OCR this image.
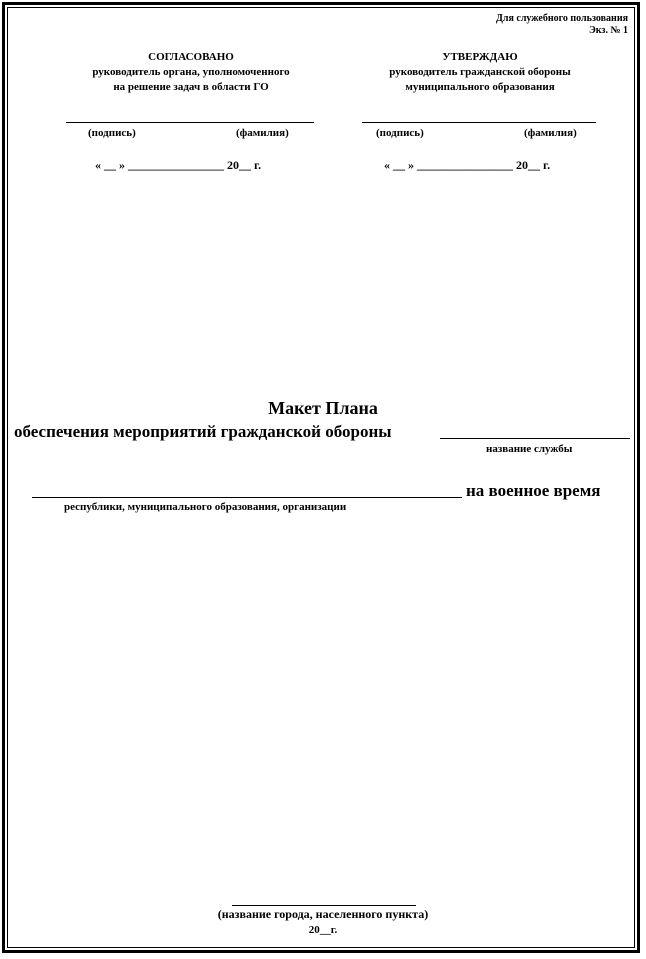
Для служебного пользования
Экз. № 1
СОГЛАСОВАНО
руководитель органа, уполномоченного
на решение задач в области ГО
УТВЕРЖДАЮ
руководитель гражданской обороны
муниципального образования
(подпись)	(фамилия)	(подпись)	(фамилия)
« __ » ________________ 20__ г.	« __ » ________________ 20__ г.
Макет Плана
обеспечения мероприятий гражданской обороны
название службы
на военное время
республики, муниципального образования, организации
(название города, населенного пункта)
20__г.
